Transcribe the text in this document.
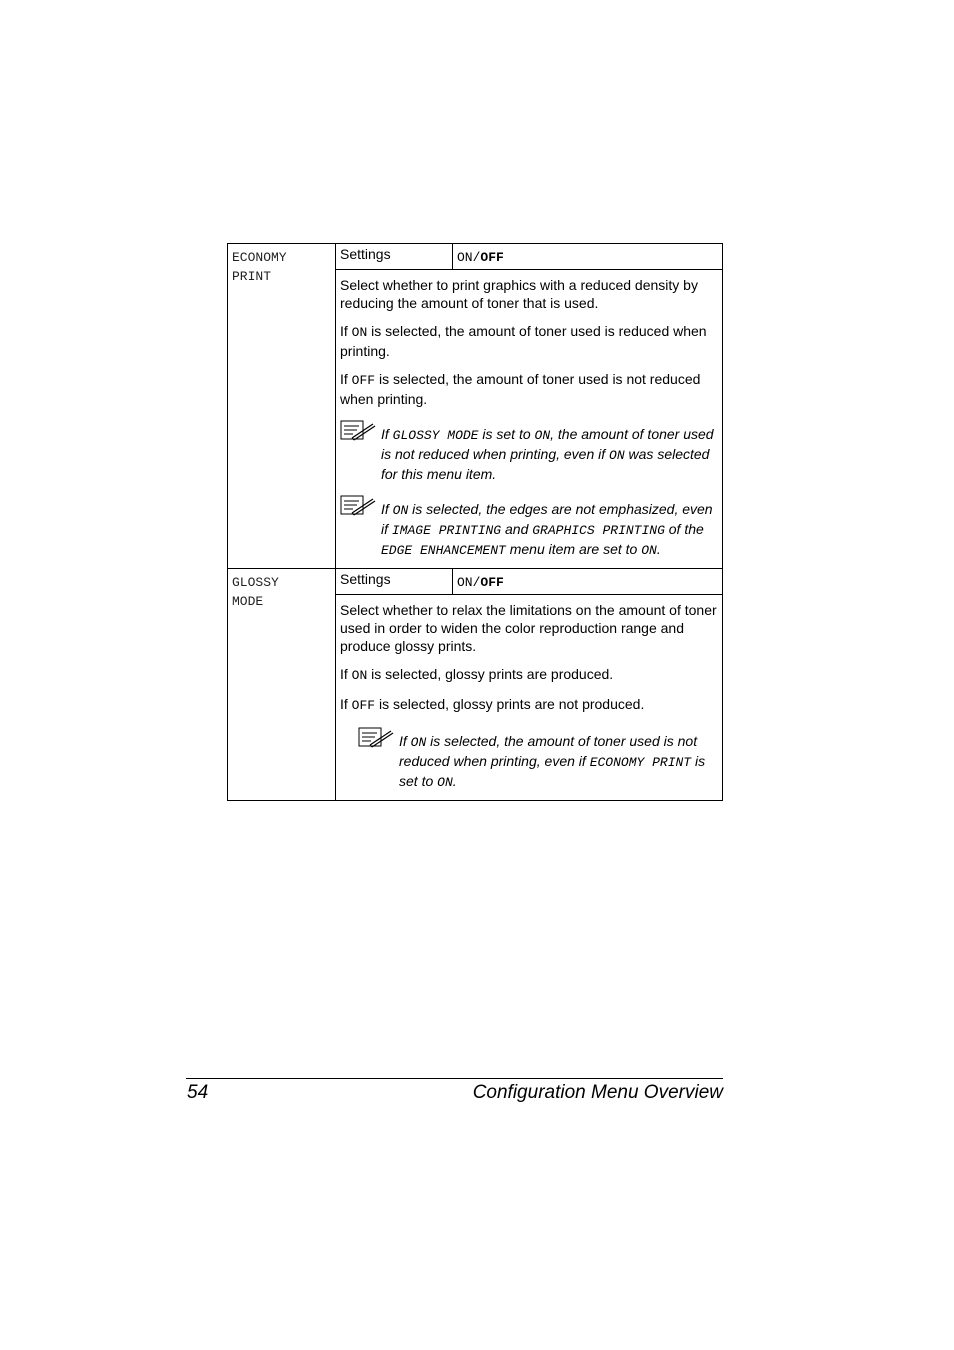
ECONOMY
PRINT	Settings	ON/OFF

	Select whether to print graphics with a reduced density by reducing the amount of toner that is used.

If ON is selected, the amount of toner used is reduced when printing.

If OFF is selected, the amount of toner used is not reduced when printing.

If GLOSSY MODE is set to ON, the amount of toner used is not reduced when printing, even if ON was selected for this menu item.
If ON is selected, the edges are not emphasized, even if IMAGE PRINTING and GRAPHICS PRINTING of the EDGE ENHANCEMENT menu item are set to ON.	

GLOSSY
MODE	Settings	ON/OFF

	Select whether to relax the limitations on the amount of toner used in order to widen the color reproduction range and produce glossy prints.

If ON is selected, glossy prints are produced.

If OFF is selected, glossy prints are not produced.

If ON is selected, the amount of toner used is not reduced when printing, even if ECONOMY PRINT is set to ON.	
54	Configuration Menu Overview
